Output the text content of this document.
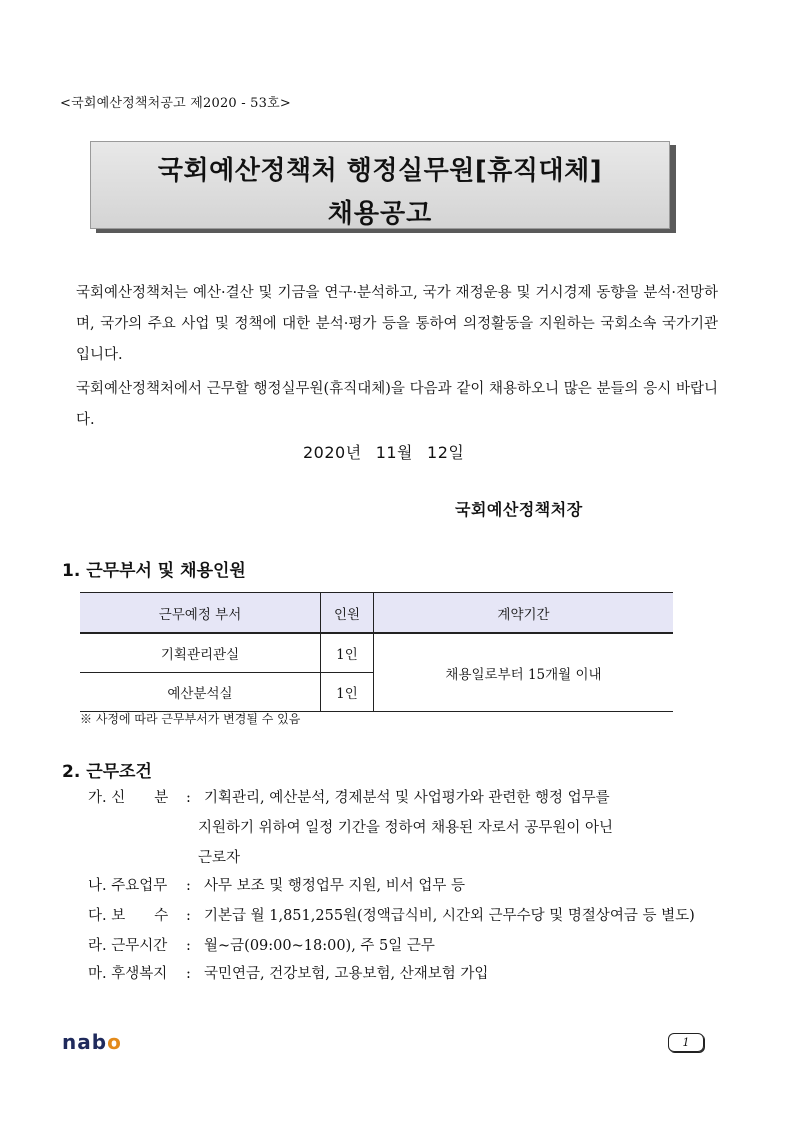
<국회예산정책처공고 제2020 - 53호>
국회예산정책처 행정실무원[휴직대체]
채용공고
국회예산정책처는 예산·결산 및 기금을 연구·분석하고, 국가 재정운용 및 거시경제 동향을 분석·전망하며, 국가의 주요 사업 및 정책에 대한 분석·평가 등을 통하여 의정활동을 지원하는 국회소속 국가기관입니다.
국회예산정책처에서 근무할 행정실무원(휴직대체)을 다음과 같이 채용하오니 많은 분들의 응시 바랍니다.
2020년 11월 12일
국회예산정책처장
1. 근무부서 및 채용인원
근무예정 부서	인원	계약기간
기획관리관실	1인	채용일로부터 15개월 이내
예산분석실	1인	
※ 사정에 따라 근무부서가 변경될 수 있음
2. 근무조건
가. 신　　분 : 기획관리, 예산분석, 경제분석 및 사업평가와 관련한 행정 업무를
지원하기 위하여 일정 기간을 정하여 채용된 자로서 공무원이 아닌
근로자
나. 주요업무 : 사무 보조 및 행정업무 지원, 비서 업무 등
다. 보　　수 : 기본급 월 1,851,255원(정액급식비, 시간외 근무수당 및 명절상여금 등 별도)
라. 근무시간 : 월~금(09:00~18:00), 주 5일 근무
마. 후생복지 : 국민연금, 건강보험, 고용보험, 산재보험 가입
nabo	1
